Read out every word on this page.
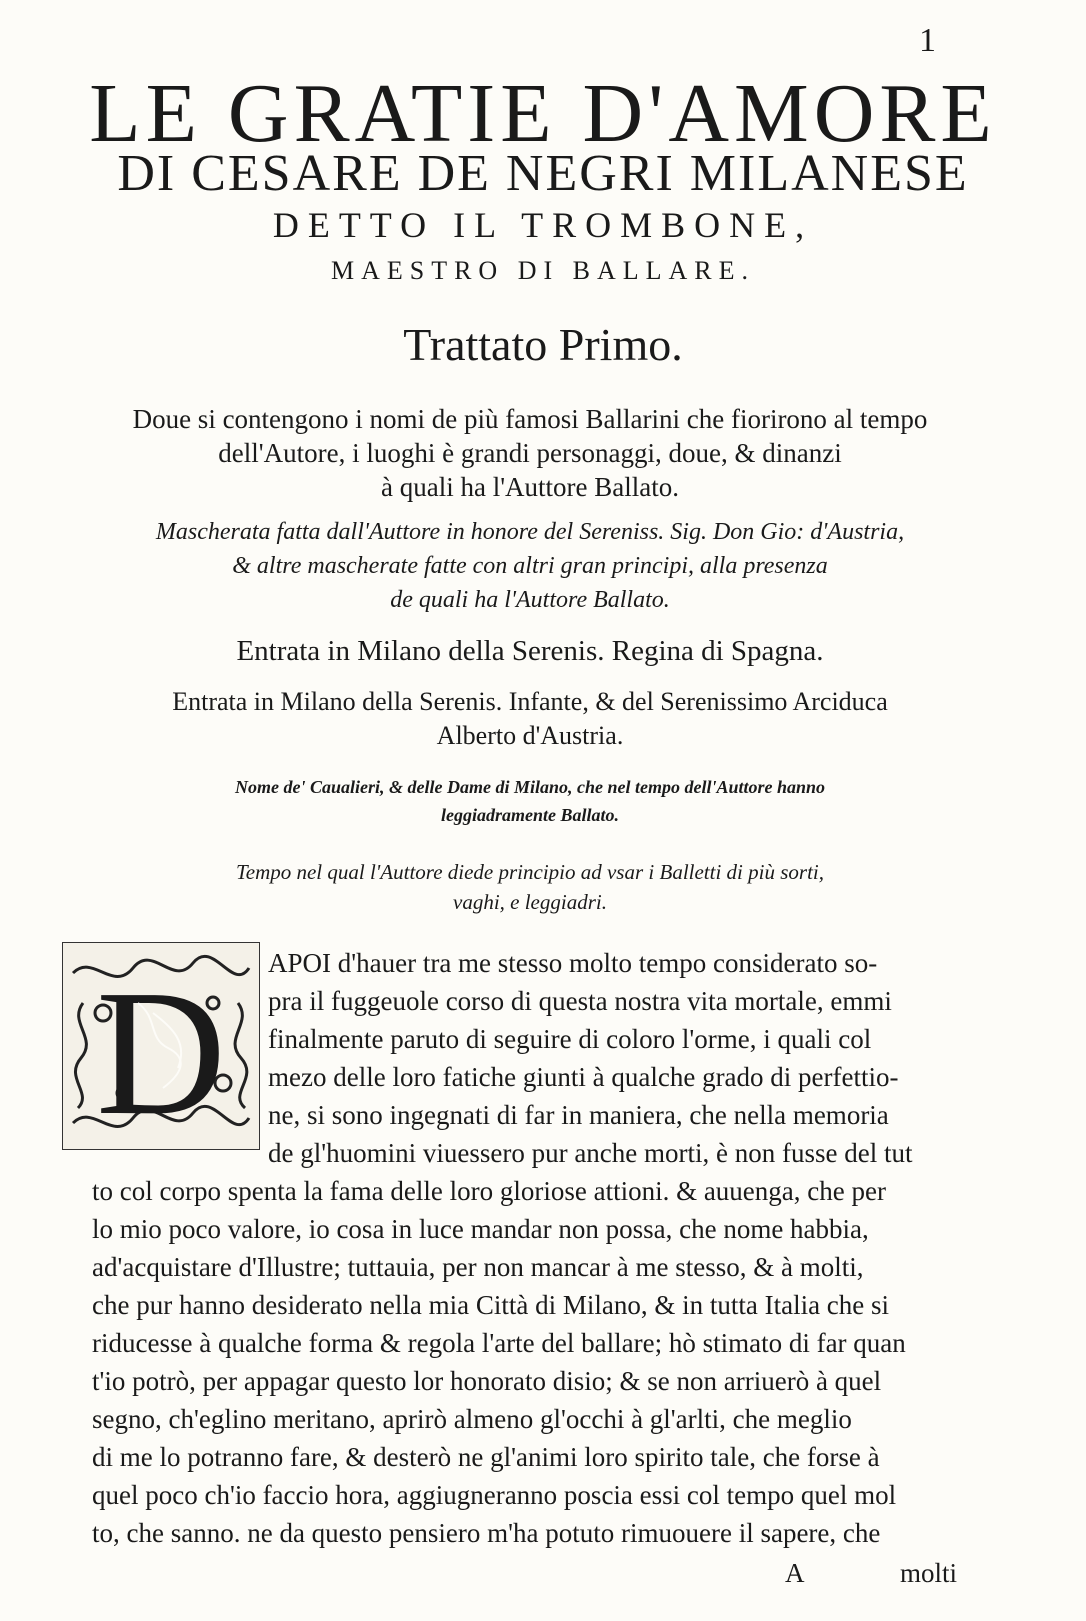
1
LE GRATIE D'AMORE
DI CESARE DE NEGRI MILANESE
DETTO IL TROMBONE,
MAESTRO DI BALLARE.
Trattato Primo.
Doue si contengono i nomi de più famosi Ballarini che fiorirono al tempo
dell'Autore, i luoghi è grandi personaggi, doue, & dinanzi
à quali ha l'Auttore Ballato.
Mascherata fatta dall'Auttore in honore del Sereniss. Sig. Don Gio: d'Austria,
& altre mascherate fatte con altri gran principi, alla presenza
de quali ha l'Auttore Ballato.
Entrata in Milano della Serenis. Regina di Spagna.
Entrata in Milano della Serenis. Infante, & del Serenissimo Arciduca
Alberto d'Austria.
Nome de' Caualieri, & delle Dame di Milano, che nel tempo dell'Auttore hanno
leggiadramente Ballato.
Tempo nel qual l'Auttore diede principio ad vsar i Balletti di più sorti,
vaghi, e leggiadri.
D APOI d'hauer tra me stesso molto tempo considerato so-
pra il fuggeuole corso di questa nostra vita mortale, emmi
finalmente paruto di seguire di coloro l'orme, i quali col
mezo delle loro fatiche giunti à qualche grado di perfettio-
ne, si sono ingegnati di far in maniera, che nella memoria
de gl'huomini viuessero pur anche morti, è non fusse del tut
to col corpo spenta la fama delle loro gloriose attioni. & auuenga, che per
lo mio poco valore, io cosa in luce mandar non possa, che nome habbia,
ad'acquistare d'Illustre; tuttauia, per non mancar à me stesso, & à molti,
che pur hanno desiderato nella mia Città di Milano, & in tutta Italia che si
riducesse à qualche forma & regola l'arte del ballare; hò stimato di far quan
t'io potrò, per appagar questo lor honorato disio; & se non arriuerò à quel
segno, ch'eglino meritano, aprirò almeno gl'occhi à gl'arlti, che meglio
di me lo potranno fare, & desterò ne gl'animi loro spirito tale, che forse à
quel poco ch'io faccio hora, aggiugneranno poscia essi col tempo quel mol
to, che sanno. ne da questo pensiero m'ha potuto rimuouere il sapere, che
A	molti
